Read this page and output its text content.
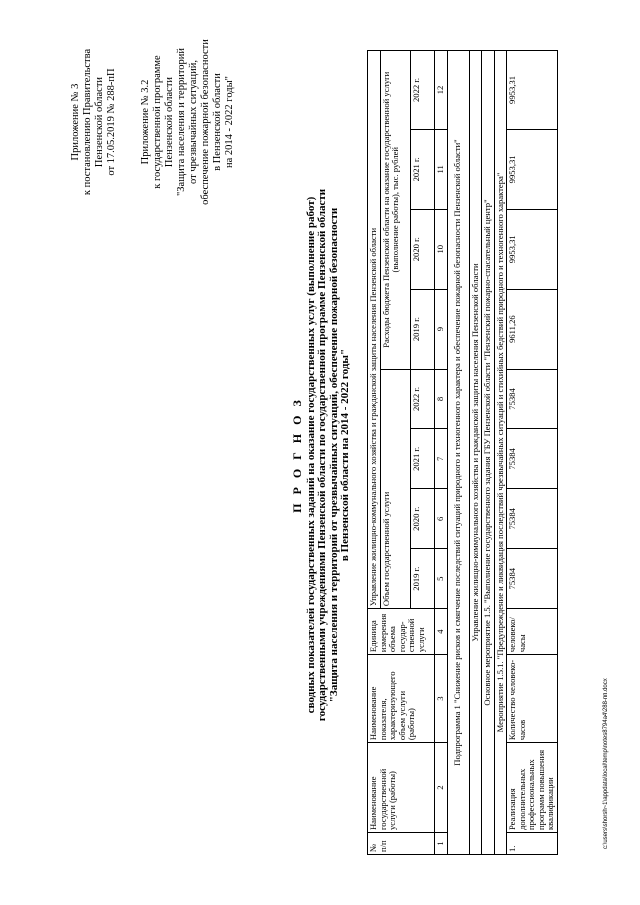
Приложение № 3 к постановлению Правительства Пензенской области от 17.05.2019 № 288-пП Приложение № 3.2 к государственной программе Пензенской области "Защита населения и территорий от чрезвычайных ситуаций, обеспечение пожарной безопасности в Пензенской области на 2014 - 2022 годы"
П Р О Г Н О З сводных показателей государственных заданий на оказание государственных услуг (выполнение работ) государственными учреждениями Пензенской области по государственной программе Пензенской области "Защита населения и территорий от чрезвычайных ситуаций, обеспечение пожарной безопасности в Пензенской области на 2014 - 2022 годы"
№ п/п	Наименование государственной услуги (работы)	Наименование показателя, характеризующего объем услуги (работы)	Единица измерения объема государ-ственной услуги	Управление жилищно-коммунального хозяйства и гражданской защиты населения Пензенской области							
				Объем государственной услуги				Расходы бюджета Пензенской области на оказание государственной услуги (выполнение работы), тыс. рублей			
				2019 г.	2020 г.	2021 г.	2022 г.	2019 г.	2020 г.	2021 г.	2022 г.
1	2	3	4	5	6	7	8	9	10	11	12
Подпрограмма 1 "Снижение рисков и смягчение последствий ситуаций природного и техногенного характера и обеспечение пожарной безопасности Пензенской области"											
Управление жилищно-коммунального хозяйства и гражданской защиты населения Пензенской области											
Основное мероприятие 1.5. "Выполнение государственного задания ГБУ Пензенской области "Пензенский пожарно-спасательный центр"											
Мероприятие 1.5.1. "Предупреждение и ликвидация последствий чрезвычайных ситуаций и стихийных бедствий природного и техногенного характера"											
1.	Реализация дополнительных профессиональных программ повышения квалификации	Количество человеко-часов	человеко/ часы	75384	75384	75384	75384	9611,26	9953,31	9953,31	9953,31
c:\users\shorsh~1\appdata\local\temp\notes8794a4\288-пп.docx
